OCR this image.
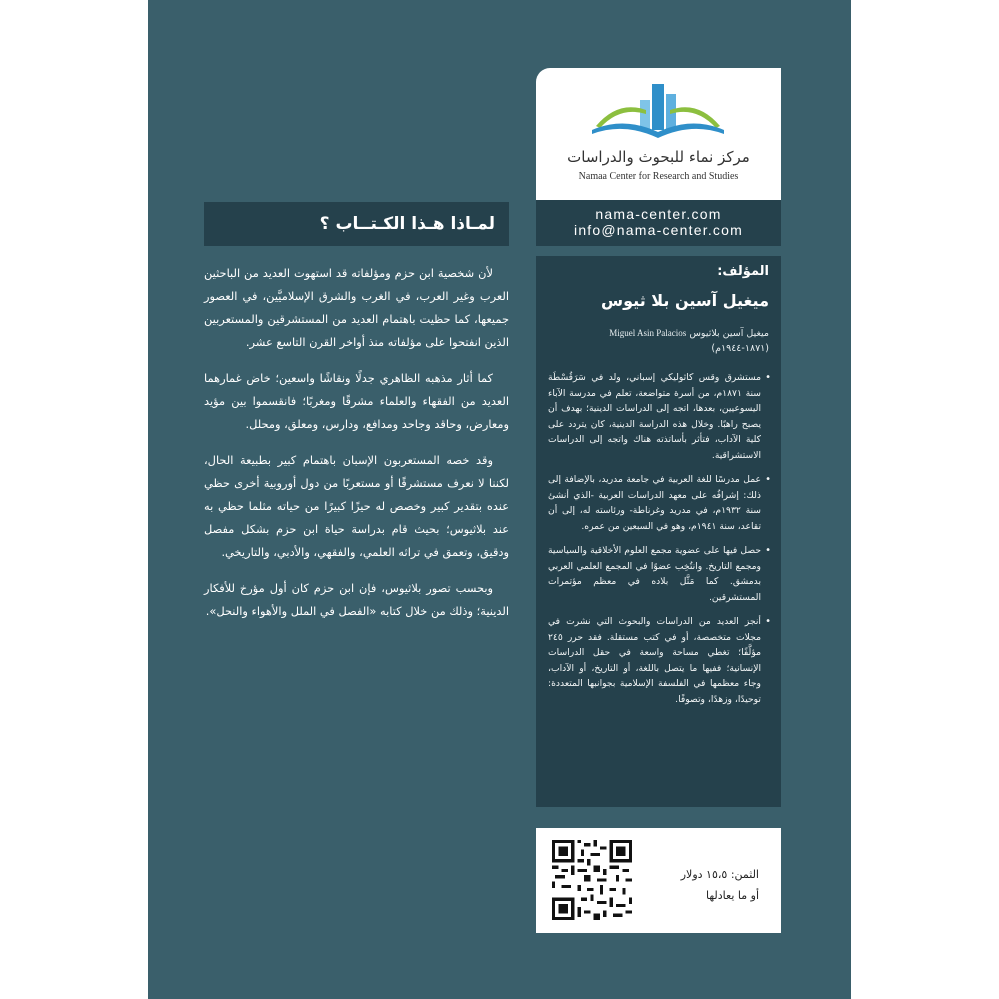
مركز نماء للبحوث والدراسات
Namaa Center for Research and Studies
nama-center.com
info@nama-center.com
لمـاذا هـذا الكـتــاب ؟

لأن شخصية ابن حزم ومؤلفاته قد استهوت العديد من الباحثين العرب وغير العرب، في الغرب والشرق الإسلاميَّين، في العصور جميعها، كما حظيت باهتمام العديد من المستشرقين والمستعربين الذين انفتحوا على مؤلفاته منذ أواخر القرن التاسع عشر.

كما أثار مذهبه الظاهري جدلًا ونقاشًا واسعين؛ خاض غمارهما العديد من الفقهاء والعلماء مشرقًا ومغربًا؛ فانقسموا بين مؤيد ومعارض، وحاقد وجاحد ومدافع، ودارس، ومعلق، ومحلل.

وقد خصه المستعربون الإسبان باهتمام كبير بطبيعة الحال، لكننا لا نعرف مستشرقًا أو مستعربًا من دول أوروبية أخرى حظي عنده بتقدير كبير وخصص له حيزًا كبيرًا من حياته مثلما حظي به عند بلاثيوس؛ بحيث قام بدراسة حياة ابن حزم بشكل مفصل ودقيق، وتعمق في تراثه العلمي، والفقهي، والأدبي، والتاريخي.

وبحسب تصور بلاثيوس، فإن ابن حزم كان أول مؤرخ للأفكار الدينية؛ وذلك من خلال كتابه «الفصل في الملل والأهواء والنحل».

المؤلف:
ميغيل آسين بلا ثيوس
ميغيل آسين بلاثيوس Miguel Asin Palacios
(١٨٧١-١٩٤٤م)
• مستشرق وقس كاثوليكي إسباني، ولد في سَرَقُسْطَة سنة ١٨٧١م، من أسرة متواضعة، تعلم في مدرسة الآباء اليسوعيين، بعدها، اتجه إلى الدراسات الدينية؛ بهدف أن يصبح راهبًا. وخلال هذه الدراسة الدينية، كان يتردد على كلية الآداب، فتأثر بأساتذته هناك واتجه إلى الدراسات الاستشراقية.
• عمل مدرسًا للغة العربية في جامعة مدريد، بالإضافة إلى ذلك: إشرافُه على معهد الدراسات العربية -الذي أنشئ سنة ١٩٣٢م، في مدريد وغرناطة- ورئاسته له، إلى أن تقاعد، سنة ١٩٤١م، وهو في السبعين من عمره.
• حصل فيها على عضوية مجمع العلوم الأخلاقية والسياسية ومجمع التاريخ. وانتُخِب عضوًا في المجمع العلمي العربي بدمشق. كما مَثَّل بلاده في معظم مؤتمرات المستشرقين.
• أنجز العديد من الدراسات والبحوث التي نشرت في مجلات متخصصة، أو في كتب مستقلة. فقد حرر ٢٤٥ مؤلَّفًا؛ تغطي مساحة واسعة في حقل الدراسات الإنسانية؛ ففيها ما يتصل باللغة، أو التاريخ، أو الآداب، وجاء معظمها في الفلسفة الإسلامية بجوانبها المتعددة: توحيدًا، وزهدًا، وتصوفًا.
الثمن: ١٥،٥ دولار
أو ما يعادلها
